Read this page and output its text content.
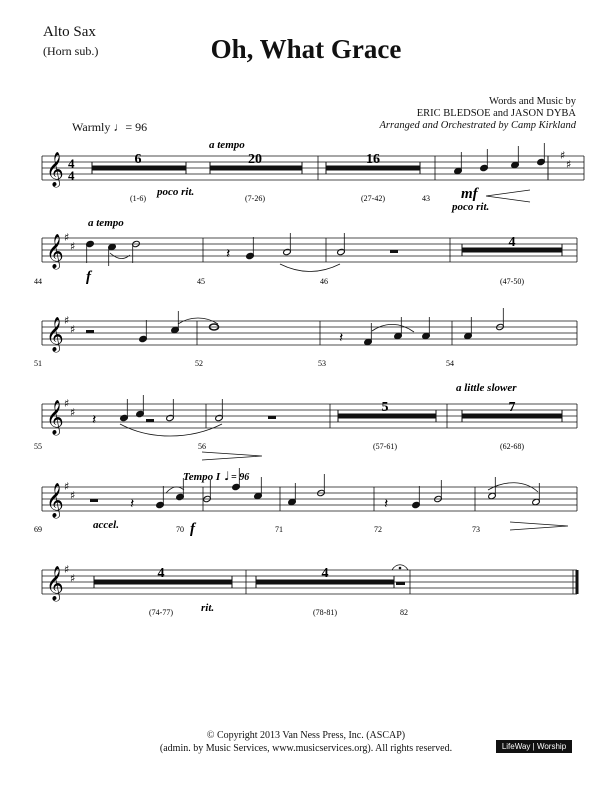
Alto Sax
(Horn sub.)	Oh, What Grace
Words and Music by
ERIC BLEDSOE and JASON DYBA
Arranged and Orchestrated by Camp Kirkland
Warmly ♩= 96
𝄞
𝄞 ♯
♯
𝄞 ♯
♯
𝄞 ♯
♯
𝄞 ♯
♯
𝄞 ♯
♯
4
4
♯
♯
𝄽
𝄽
𝄽
𝄽	𝄽
6	20	16
4
5	7
4	4
(1-6)	(7-26)	(27-42)
(47-50)
(57-61)	(62-68)
(74-77)	(78-81)
43
44	45	46
51	52	53	54
55	56
69	70	71	72	73
82
a tempo
poco rit.
poco rit.
a tempo
a little slower
accel.
Tempo I
rit.
♩ = 96
mf
f
f
© Copyright 2013 Van Ness Press, Inc. (ASCAP)
(admin. by Music Services, www.musicservices.org). All rights reserved.	LifeWay | Worship
